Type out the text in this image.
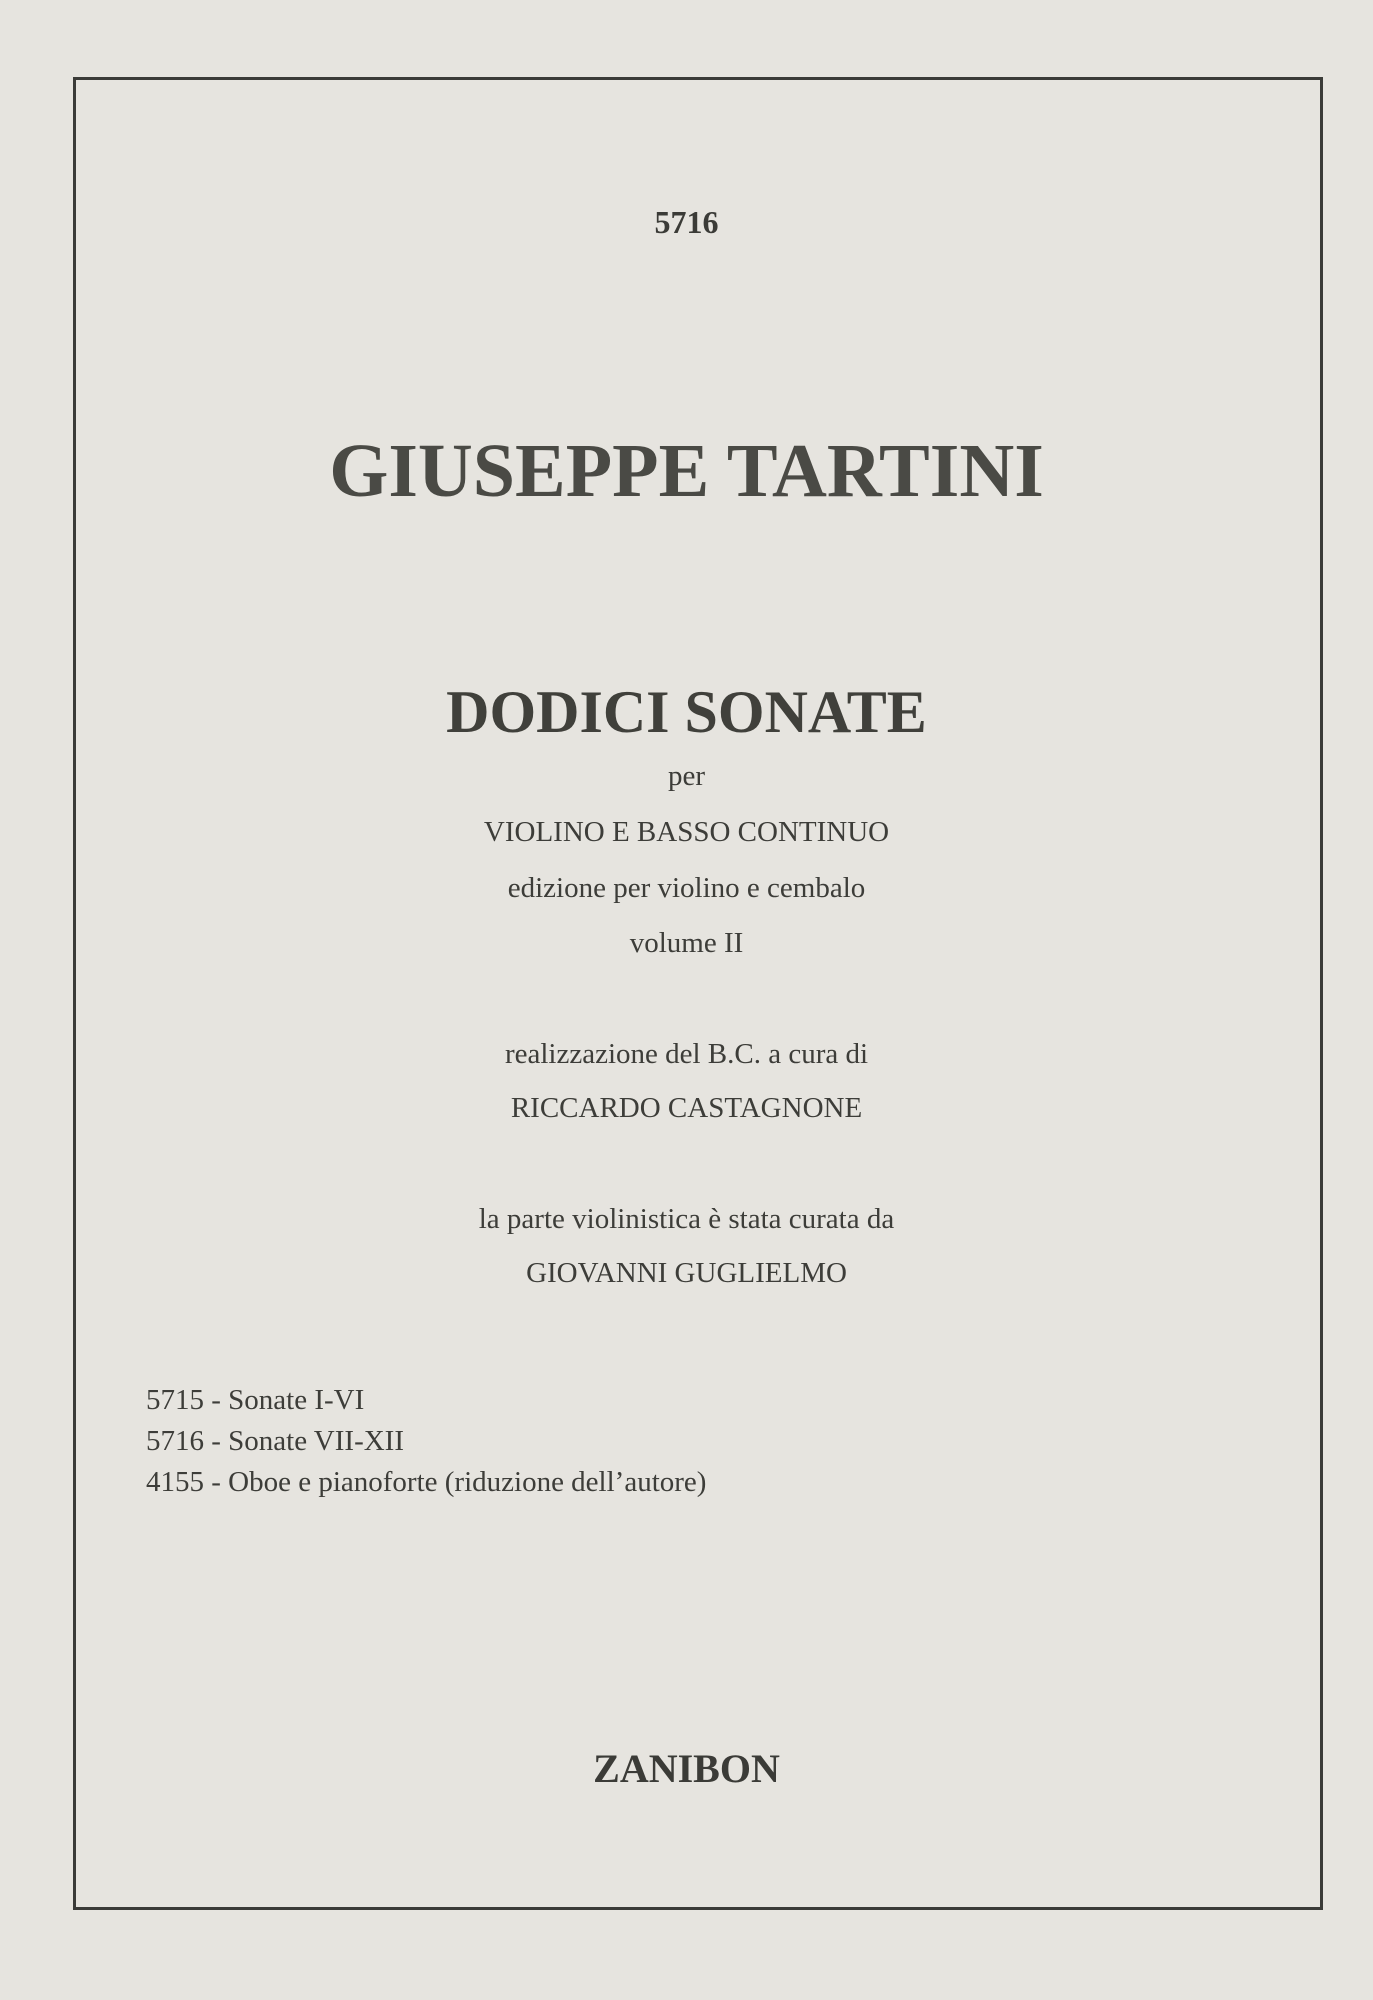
5716
GIUSEPPE TARTINI
DODICI SONATE
per
VIOLINO E BASSO CONTINUO
edizione per violino e cembalo
volume II
realizzazione del B.C. a cura di
RICCARDO CASTAGNONE
la parte violinistica è stata curata da
GIOVANNI GUGLIELMO
5715 - Sonate I-VI
5716 - Sonate VII-XII
4155 - Oboe e pianoforte (riduzione dell’autore)
ZANIBON
